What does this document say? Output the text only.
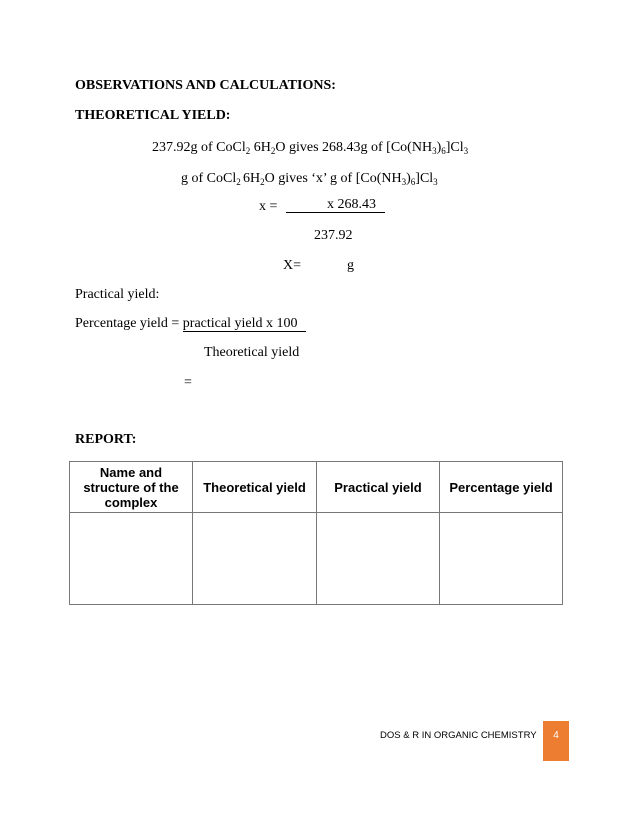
OBSERVATIONS AND CALCULATIONS:
THEORETICAL YIELD:
237.92g of CoCl$_2$ $6H_2O$ gives 268.43g of $[Co(NH_3)_6]Cl_3$
g of CoCl$_2$ $6H_2O$ gives ‘x’ g of $[Co(NH_3)_6]Cl_3$
x =	x 268.43
237.92
X=	g
Practical yield:
Percentage yield = practical yield x 100
Theoretical yield
=
REPORT:
Name and structure of the complex	Theoretical yield	Practical yield	Percentage yield

DOS & R IN ORGANIC CHEMISTRY	4
